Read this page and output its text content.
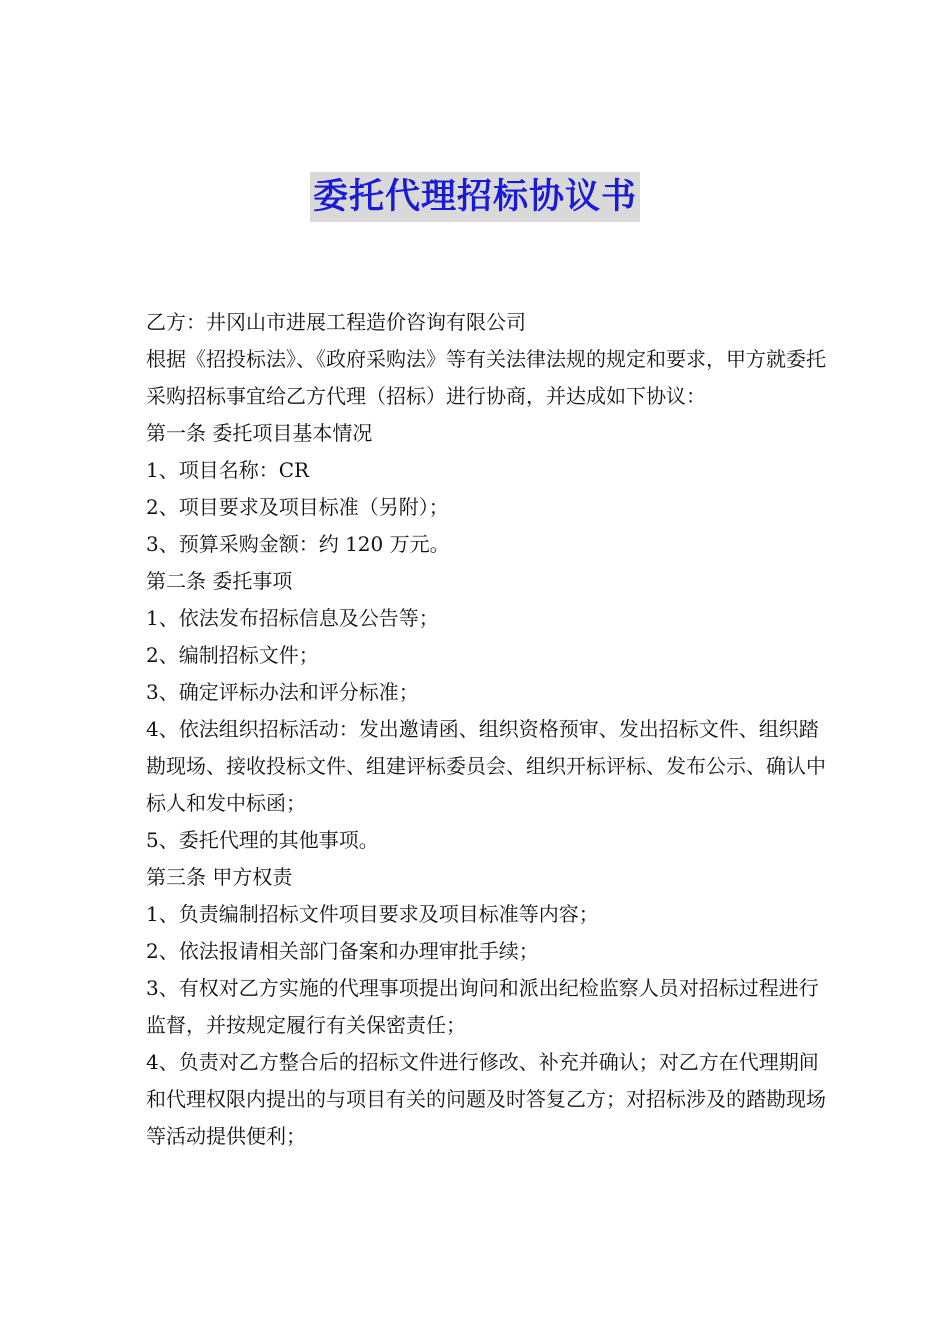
委托代理招标协议书

乙方：井冈山市进展工程造价咨询有限公司

根据《招投标法》、《政府采购法》等有关法律法规的规定和要求，甲方就委托采购招标事宜给乙方代理（招标）进行协商，并达成如下协议：

第一条 委托项目基本情况

1、项目名称：CR

2、项目要求及项目标准（另附）；

3、预算采购金额：约 120 万元。

第二条 委托事项

1、依法发布招标信息及公告等；

2、编制招标文件；

3、确定评标办法和评分标准；

4、依法组织招标活动：发出邀请函、组织资格预审、发出招标文件、组织踏勘现场、接收投标文件、组建评标委员会、组织开标评标、发布公示、确认中标人和发中标函；

5、委托代理的其他事项。

第三条 甲方权责

1、负责编制招标文件项目要求及项目标准等内容；

2、依法报请相关部门备案和办理审批手续；

3、有权对乙方实施的代理事项提出询问和派出纪检监察人员对招标过程进行监督，并按规定履行有关保密责任；

4、负责对乙方整合后的招标文件进行修改、补充并确认；对乙方在代理期间和代理权限内提出的与项目有关的问题及时答复乙方；对招标涉及的踏勘现场等活动提供便利；
